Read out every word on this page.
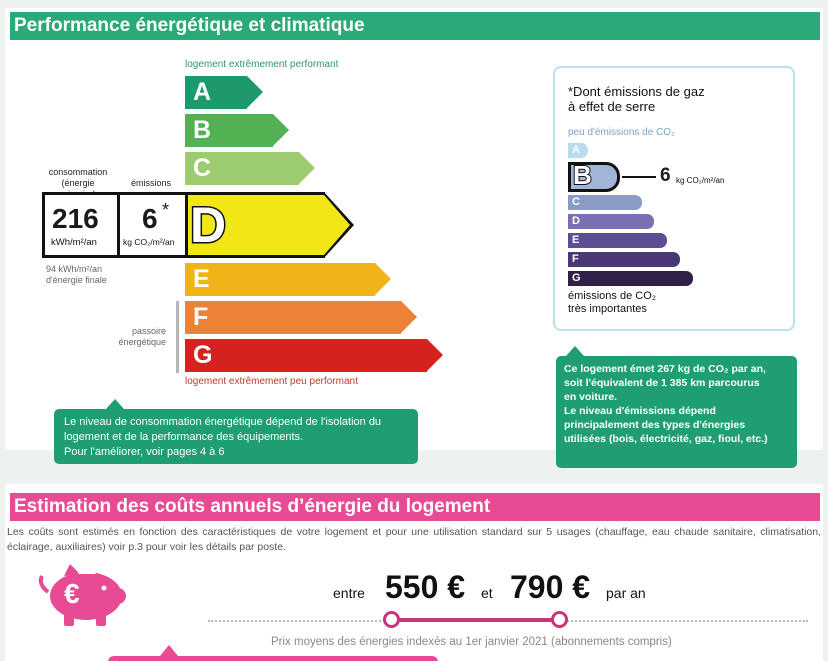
Performance énergétique et climatique
logement extrêmement performant
A
B
C
D
E
F
G
logement extrêmement peu performant
passoire
énergétique
consommation
(énergie	émissions
216
kWh/m²/an
6 *
kg CO₂/m²/an
94 kWh/m²/an
d'énergie finale
Le niveau de consommation énergétique dépend de l'isolation du
logement et de la performance des équipements.
Pour l'améliorer, voir pages 4 à 6
*Dont émissions de gaz
à effet de serre
peu d'émissions de CO₂
A
B	6 kg CO₂/m²/an
C
D
E
F
G
émissions de CO₂
très importantes
Ce logement émet 267 kg de CO₂ par an,
soit l'équivalent de 1 385 km parcourus
en voiture.
Le niveau d'émissions dépend
principalement des types d'énergies
utilisées (bois, électricité, gaz, fioul, etc.)
Estimation des coûts annuels d’énergie du logement
Les coûts sont estimés en fonction des caractéristiques de votre logement et pour une utilisation standard sur 5 usages (chauffage, eau chaude sanitaire, climatisation, éclairage, auxiliaires) voir p.3 pour voir les détails par poste.
€	entre 550 € et 790 € par an
Prix moyens des énergies indexés au 1er janvier 2021 (abonnements compris)
